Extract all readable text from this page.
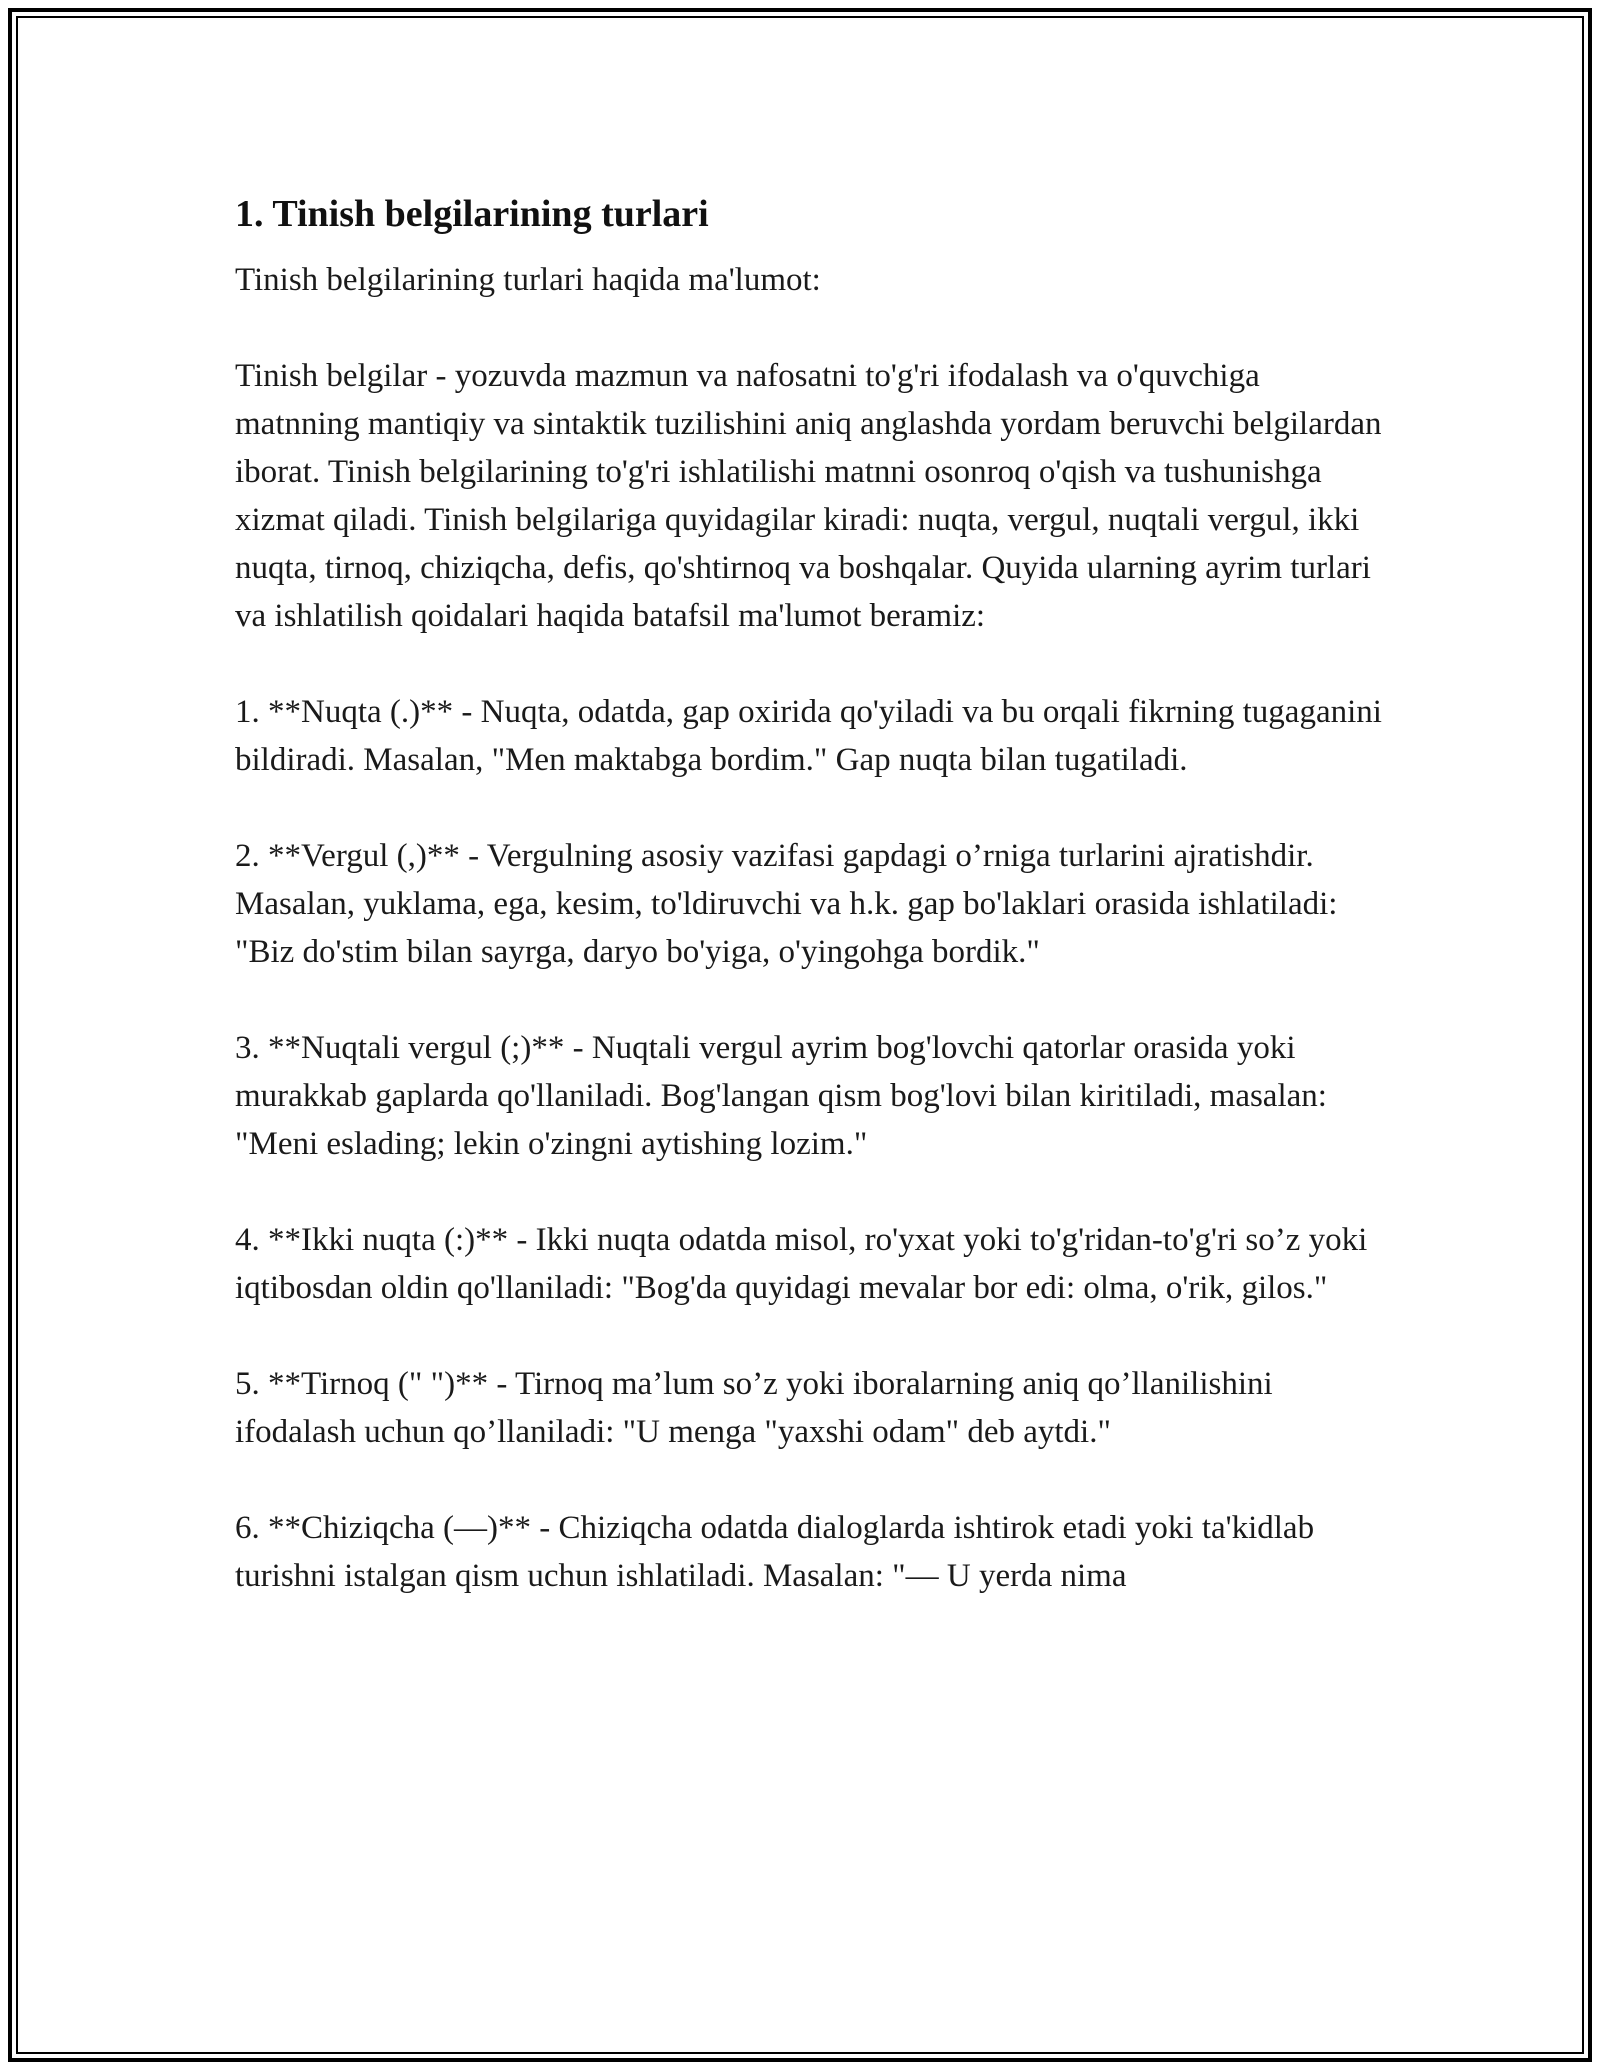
1. Tinish belgilarining turlari
Tinish belgilarining turlari haqida ma'lumot:

Tinish belgilar - yozuvda mazmun va nafosatni to'g'ri ifodalash va o'quvchiga matnning mantiqiy va sintaktik tuzilishini aniq anglashda yordam beruvchi belgilardan iborat. Tinish belgilarining to'g'ri ishlatilishi matnni osonroq o'qish va tushunishga xizmat qiladi. Tinish belgilariga quyidagilar kiradi: nuqta, vergul, nuqtali vergul, ikki nuqta, tirnoq, chiziqcha, defis, qo'shtirnoq va boshqalar. Quyida ularning ayrim turlari va ishlatilish qoidalari haqida batafsil ma'lumot beramiz:

1. **Nuqta (.)** - Nuqta, odatda, gap oxirida qo'yiladi va bu orqali fikrning tugaganini bildiradi. Masalan, "Men maktabga bordim." Gap nuqta bilan tugatiladi.

2. **Vergul (,)** - Vergulning asosiy vazifasi gapdagi o’rniga turlarini ajratishdir. Masalan, yuklama, ega, kesim, to'ldiruvchi va h.k. gap bo'laklari orasida ishlatiladi: "Biz do'stim bilan sayrga, daryo bo'yiga, o'yingohga bordik."

3. **Nuqtali vergul (;)** - Nuqtali vergul ayrim bog'lovchi qatorlar orasida yoki murakkab gaplarda qo'llaniladi. Bog'langan qism bog'lovi bilan kiritiladi, masalan: "Meni eslading; lekin o'zingni aytishing lozim."

4. **Ikki nuqta (:)** - Ikki nuqta odatda misol, ro'yxat yoki to'g'ridan-to'g'ri so’z yoki iqtibosdan oldin qo'llaniladi: "Bog'da quyidagi mevalar bor edi: olma, o'rik, gilos."

5. **Tirnoq (" ")** - Tirnoq ma’lum so’z yoki iboralarning aniq qo’llanilishini ifodalash uchun qo’llaniladi: "U menga "yaxshi odam" deb aytdi."

6. **Chiziqcha (—)** - Chiziqcha odatda dialoglarda ishtirok etadi yoki ta'kidlab turishni istalgan qism uchun ishlatiladi. Masalan: "— U yerda nima
